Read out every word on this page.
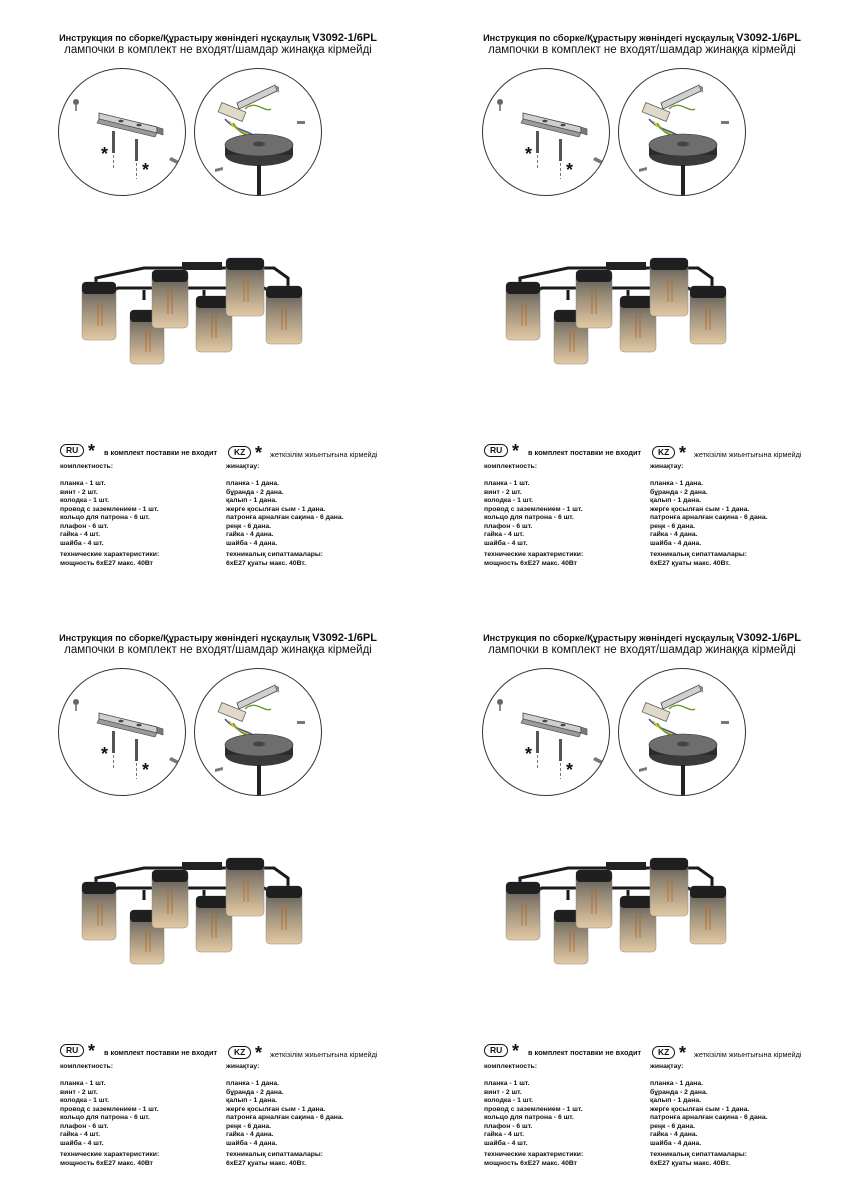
Инструкция по сборке/Құрастыру жөніндегі нұсқаулық V3092-1/6PL
лампочки в комплект не входят/шамдар жинаққа кірмейді
*
*
RU * в комплект поставки не входит	KZ * жеткізілім жиынтығына кірмейді
комплектность:
планка - 1 шт.
винт - 2 шт.
колодка - 1 шт.
провод с заземлением - 1 шт.
кольцо для патрона - 6 шт.
плафон - 6 шт.
гайка - 4 шт.
шайба - 4 шт.
технические характеристики:
мощность 6хЕ27 макс. 40Вт
жинақтау:
планка - 1 дана.
бұранда - 2 дана.
қалып - 1 дана.
жерге қосылған сым - 1 дана.
патронға арналған сақина - 6 дана.
реңк - 6 дана.
гайка - 4 дана.
шайба - 4 дана.
техникалық сипаттамалары:
6хЕ27 қуаты макс. 40Вт.
Инструкция по сборке/Құрастыру жөніндегі нұсқаулық V3092-1/6PL
лампочки в комплект не входят/шамдар жинаққа кірмейді
*
*
RU * в комплект поставки не входит	KZ * жеткізілім жиынтығына кірмейді
комплектность:
планка - 1 шт.
винт - 2 шт.
колодка - 1 шт.
провод с заземлением - 1 шт.
кольцо для патрона - 6 шт.
плафон - 6 шт.
гайка - 4 шт.
шайба - 4 шт.
технические характеристики:
мощность 6хЕ27 макс. 40Вт
жинақтау:
планка - 1 дана.
бұранда - 2 дана.
қалып - 1 дана.
жерге қосылған сым - 1 дана.
патронға арналған сақина - 6 дана.
реңк - 6 дана.
гайка - 4 дана.
шайба - 4 дана.
техникалық сипаттамалары:
6хЕ27 қуаты макс. 40Вт.
Инструкция по сборке/Құрастыру жөніндегі нұсқаулық V3092-1/6PL
лампочки в комплект не входят/шамдар жинаққа кірмейді
*
*
RU * в комплект поставки не входит	KZ * жеткізілім жиынтығына кірмейді
комплектность:
планка - 1 шт.
винт - 2 шт.
колодка - 1 шт.
провод с заземлением - 1 шт.
кольцо для патрона - 6 шт.
плафон - 6 шт.
гайка - 4 шт.
шайба - 4 шт.
технические характеристики:
мощность 6хЕ27 макс. 40Вт
жинақтау:
планка - 1 дана.
бұранда - 2 дана.
қалып - 1 дана.
жерге қосылған сым - 1 дана.
патронға арналған сақина - 6 дана.
реңк - 6 дана.
гайка - 4 дана.
шайба - 4 дана.
техникалық сипаттамалары:
6хЕ27 қуаты макс. 40Вт.
Инструкция по сборке/Құрастыру жөніндегі нұсқаулық V3092-1/6PL
лампочки в комплект не входят/шамдар жинаққа кірмейді
*
*
RU * в комплект поставки не входит	KZ * жеткізілім жиынтығына кірмейді
комплектность:
планка - 1 шт.
винт - 2 шт.
колодка - 1 шт.
провод с заземлением - 1 шт.
кольцо для патрона - 6 шт.
плафон - 6 шт.
гайка - 4 шт.
шайба - 4 шт.
технические характеристики:
мощность 6хЕ27 макс. 40Вт
жинақтау:
планка - 1 дана.
бұранда - 2 дана.
қалып - 1 дана.
жерге қосылған сым - 1 дана.
патронға арналған сақина - 6 дана.
реңк - 6 дана.
гайка - 4 дана.
шайба - 4 дана.
техникалық сипаттамалары:
6хЕ27 қуаты макс. 40Вт.
